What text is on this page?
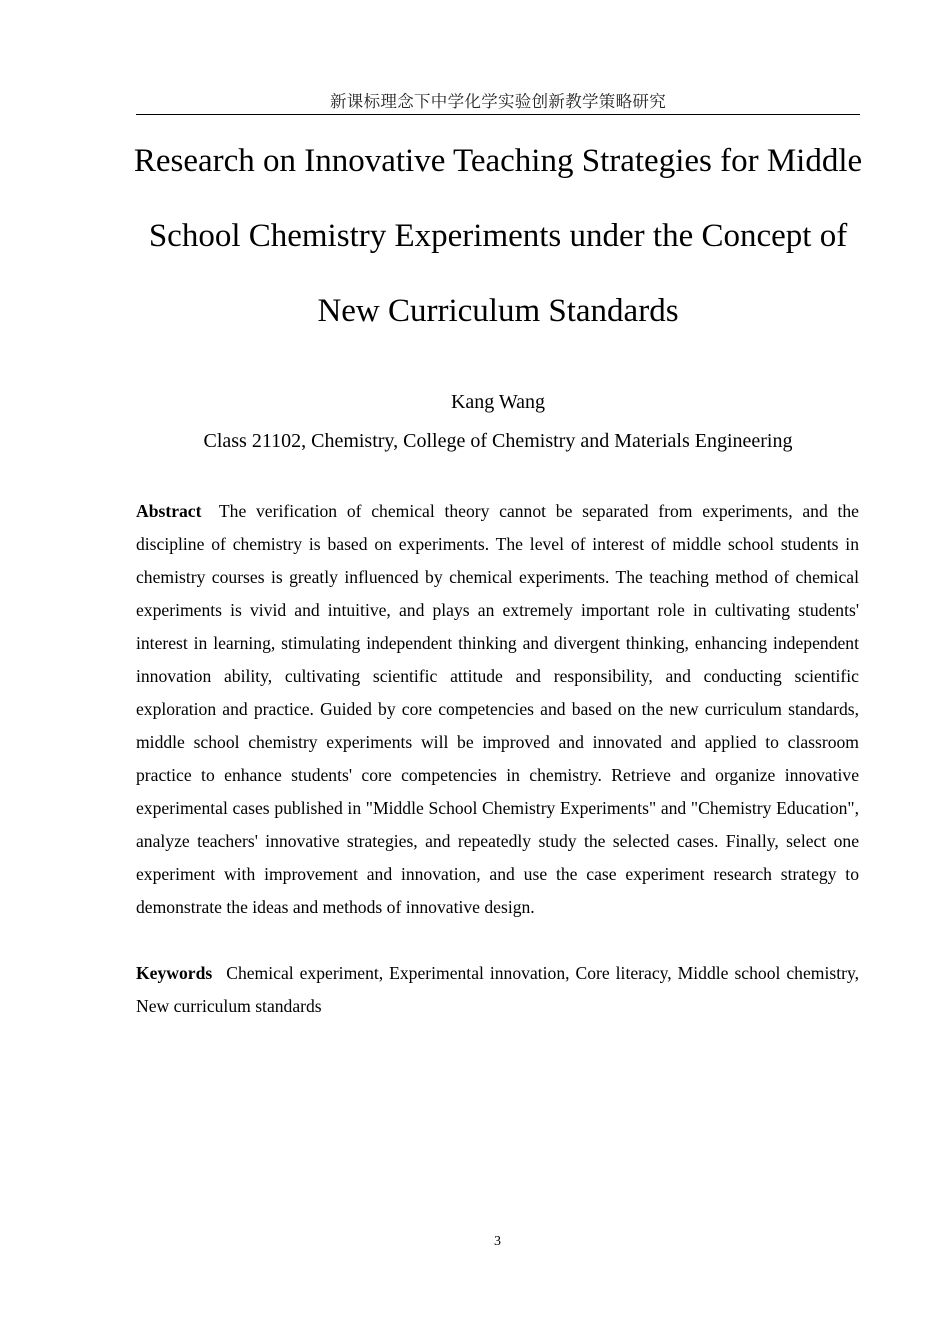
新课标理念下中学化学实验创新教学策略研究
Research on Innovative Teaching Strategies for Middle School Chemistry Experiments under the Concept of New Curriculum Standards
Kang Wang
Class 21102, Chemistry, College of Chemistry and Materials Engineering

Abstract The verification of chemical theory cannot be separated from experiments, and the discipline of chemistry is based on experiments. The level of interest of middle school students in chemistry courses is greatly influenced by chemical experiments. The teaching method of chemical experiments is vivid and intuitive, and plays an extremely important role in cultivating students' interest in learning, stimulating independent thinking and divergent thinking, enhancing independent innovation ability, cultivating scientific attitude and responsibility, and conducting scientific exploration and practice. Guided by core competencies and based on the new curriculum standards, middle school chemistry experiments will be improved and innovated and applied to classroom practice to enhance students' core competencies in chemistry. Retrieve and organize innovative experimental cases published in "Middle School Chemistry Experiments" and "Chemistry Education", analyze teachers' innovative strategies, and repeatedly study the selected cases. Finally, select one experiment with improvement and innovation, and use the case experiment research strategy to demonstrate the ideas and methods of innovative design.

Keywords Chemical experiment, Experimental innovation, Core literacy, Middle school chemistry, New curriculum standards

3
